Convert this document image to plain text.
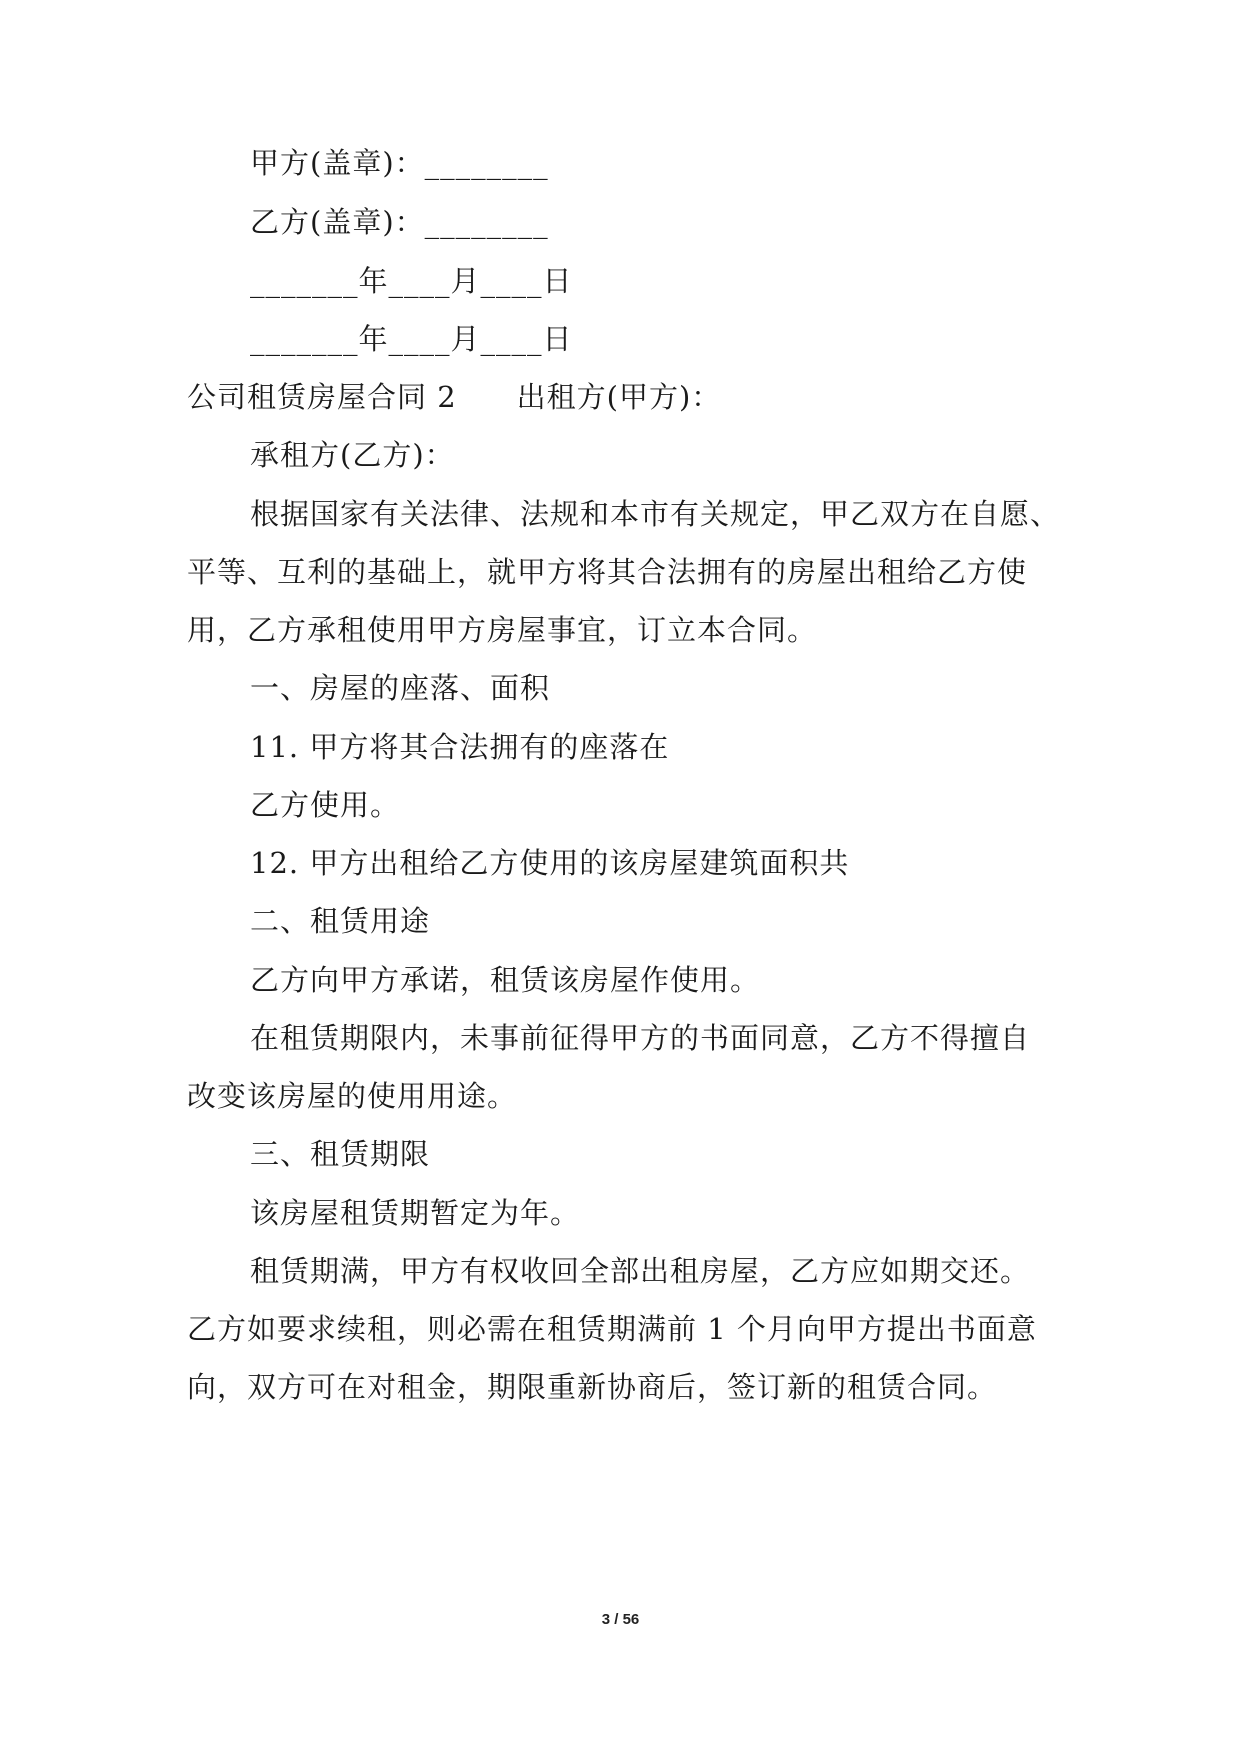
甲方(盖章)：________
乙方(盖章)：________
_______年____月____日
_______年____月____日
公司租赁房屋合同 2　　出租方(甲方)：
承租方(乙方)：
根据国家有关法律、法规和本市有关规定，甲乙双方在自愿、
平等、互利的基础上，就甲方将其合法拥有的房屋出租给乙方使
用，乙方承租使用甲方房屋事宜，订立本合同。
一、房屋的座落、面积
11. 甲方将其合法拥有的座落在
乙方使用。
12. 甲方出租给乙方使用的该房屋建筑面积共
二、租赁用途
乙方向甲方承诺，租赁该房屋作使用。
在租赁期限内，未事前征得甲方的书面同意，乙方不得擅自
改变该房屋的使用用途。
三、租赁期限
该房屋租赁期暂定为年。
租赁期满，甲方有权收回全部出租房屋，乙方应如期交还。
乙方如要求续租，则必需在租赁期满前 1 个月向甲方提出书面意
向，双方可在对租金，期限重新协商后，签订新的租赁合同。
3 / 56
